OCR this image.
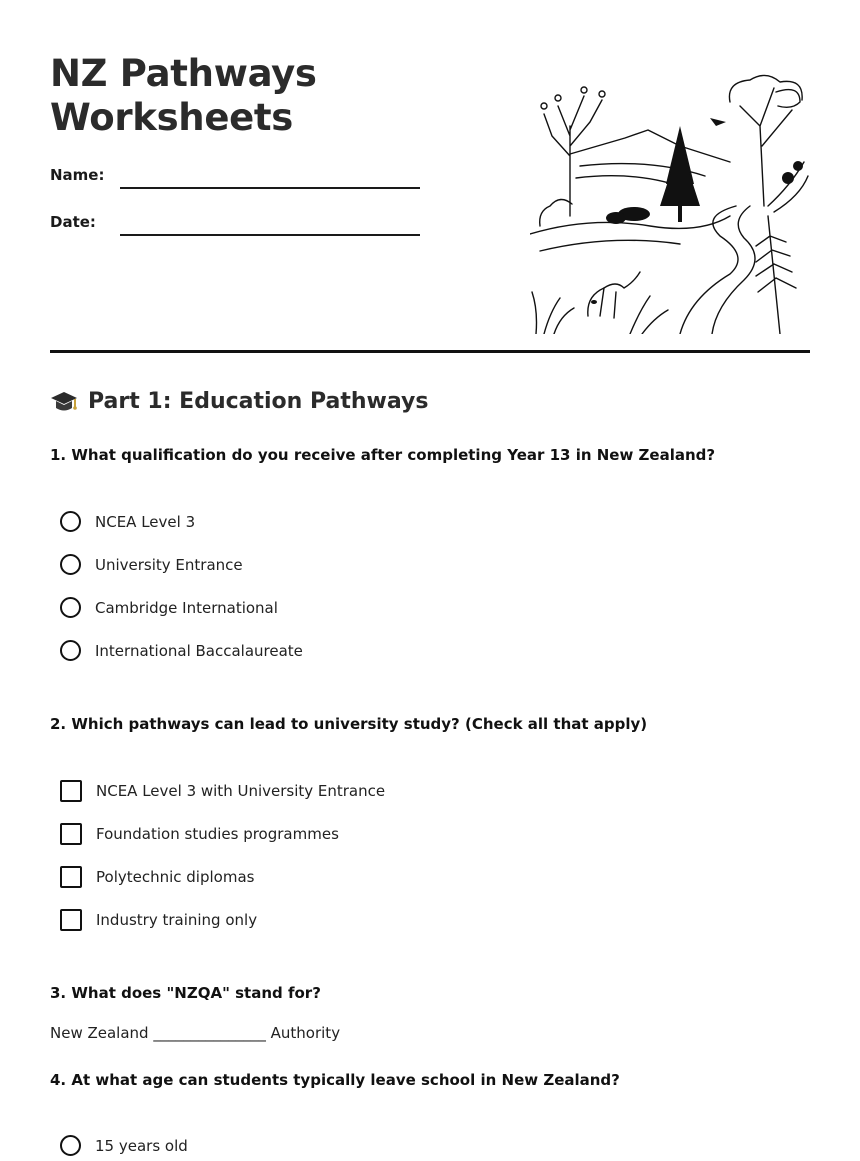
NZ Pathways
Worksheets
Name:
Date:
Part 1: Education Pathways

1. What qualification do you receive after completing Year 13 in New Zealand?

NCEA Level 3
University Entrance
Cambridge International
International Baccalaureate

2. Which pathways can lead to university study? (Check all that apply)

NCEA Level 3 with University Entrance
Foundation studies programmes
Polytechnic diplomas
Industry training only

3. What does "NZQA" stand for?

New Zealand _______________ Authority

4. At what age can students typically leave school in New Zealand?

15 years old
